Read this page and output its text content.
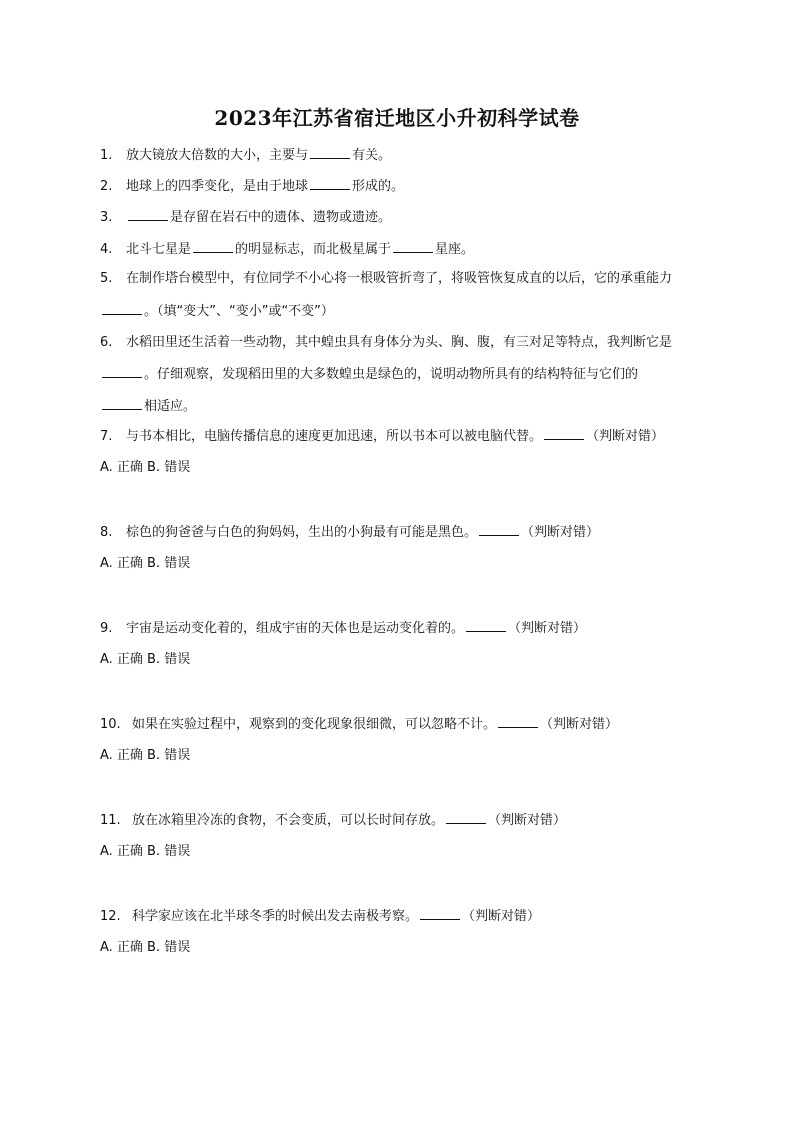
2023年江苏省宿迁地区小升初科学试卷
1. 放大镜放大倍数的大小，主要与	有关。
2. 地球上的四季变化，是由于地球	形成的。
3.	是存留在岩石中的遗体、遗物或遗迹。
4. 北斗七星是	的明显标志，而北极星属于	星座。
5. 在制作塔台模型中，有位同学不小心将一根吸管折弯了，将吸管恢复成直的以后，它的承重能力
。（填“变大”、“变小”或“不变”）
6. 水稻田里还生活着一些动物，其中蝗虫具有身体分为头、胸、腹，有三对足等特点，我判断它是
。仔细观察，发现稻田里的大多数蝗虫是绿色的，说明动物所具有的结构特征与它们的
相适应。
7. 与书本相比，电脑传播信息的速度更加迅速，所以书本可以被电脑代替。	（判断对错）
A. 正确 B. 错误
8. 棕色的狗爸爸与白色的狗妈妈，生出的小狗最有可能是黑色。	（判断对错）
A. 正确 B. 错误
9. 宇宙是运动变化着的，组成宇宙的天体也是运动变化着的。	（判断对错）
A. 正确 B. 错误
10. 如果在实验过程中，观察到的变化现象很细微，可以忽略不计。	（判断对错）
A. 正确 B. 错误
11. 放在冰箱里冷冻的食物，不会变质，可以长时间存放。	（判断对错）
A. 正确 B. 错误
12. 科学家应该在北半球冬季的时候出发去南极考察。	（判断对错）
A. 正确 B. 错误
